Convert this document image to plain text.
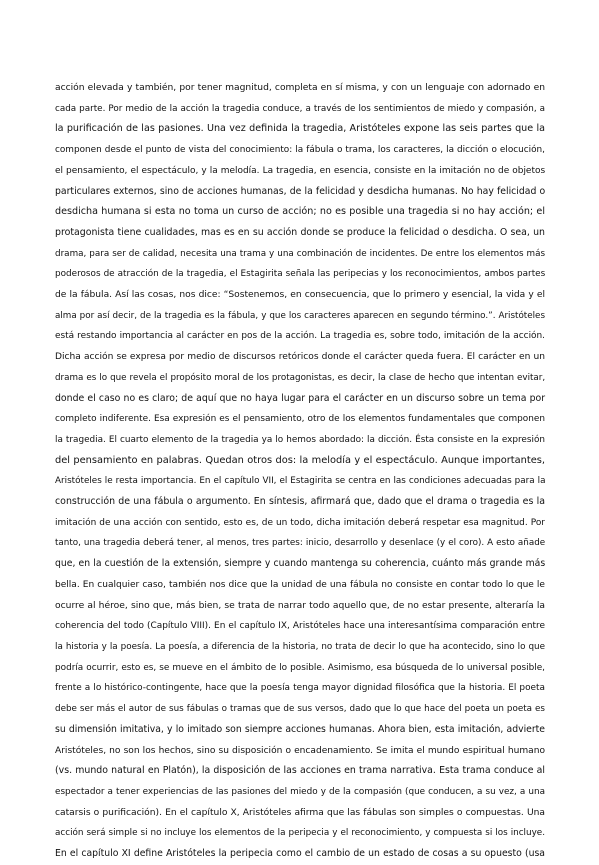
acción elevada y también, por tener magnitud, completa en sí misma, y con un lenguaje con adornado en
cada parte. Por medio de la acción la tragedia conduce, a través de los sentimientos de miedo y compasión, a
la purificación de las pasiones. Una vez definida la tragedia, Aristóteles expone las seis partes que la
componen desde el punto de vista del conocimiento: la fábula o trama, los caracteres, la dicción o elocución,
el pensamiento, el espectáculo, y la melodía. La tragedia, en esencia, consiste en la imitación no de objetos
particulares externos, sino de acciones humanas, de la felicidad y desdicha humanas. No hay felicidad o
desdicha humana si esta no toma un curso de acción; no es posible una tragedia si no hay acción; el
protagonista tiene cualidades, mas es en su acción donde se produce la felicidad o desdicha. O sea, un
drama, para ser de calidad, necesita una trama y una combinación de incidentes. De entre los elementos más
poderosos de atracción de la tragedia, el Estagirita señala las peripecias y los reconocimientos, ambos partes
de la fábula. Así las cosas, nos dice: “Sostenemos, en consecuencia, que lo primero y esencial, la vida y el
alma por así decir, de la tragedia es la fábula, y que los caracteres aparecen en segundo término.”. Aristóteles
está restando importancia al carácter en pos de la acción. La tragedia es, sobre todo, imitación de la acción.
Dicha acción se expresa por medio de discursos retóricos donde el carácter queda fuera. El carácter en un
drama es lo que revela el propósito moral de los protagonistas, es decir, la clase de hecho que intentan evitar,
donde el caso no es claro; de aquí que no haya lugar para el carácter en un discurso sobre un tema por
completo indiferente. Esa expresión es el pensamiento, otro de los elementos fundamentales que componen
la tragedia. El cuarto elemento de la tragedia ya lo hemos abordado: la dicción. Ésta consiste en la expresión
del pensamiento en palabras. Quedan otros dos: la melodía y el espectáculo. Aunque importantes,
Aristóteles le resta importancia. En el capítulo VII, el Estagirita se centra en las condiciones adecuadas para la
construcción de una fábula o argumento. En síntesis, afirmará que, dado que el drama o tragedia es la
imitación de una acción con sentido, esto es, de un todo, dicha imitación deberá respetar esa magnitud. Por
tanto, una tragedia deberá tener, al menos, tres partes: inicio, desarrollo y desenlace (y el coro). A esto añade
que, en la cuestión de la extensión, siempre y cuando mantenga su coherencia, cuánto más grande más
bella. En cualquier caso, también nos dice que la unidad de una fábula no consiste en contar todo lo que le
ocurre al héroe, sino que, más bien, se trata de narrar todo aquello que, de no estar presente, alteraría la
coherencia del todo (Capítulo VIII). En el capítulo IX, Aristóteles hace una interesantísima comparación entre
la historia y la poesía. La poesía, a diferencia de la historia, no trata de decir lo que ha acontecido, sino lo que
podría ocurrir, esto es, se mueve en el ámbito de lo posible. Asimismo, esa búsqueda de lo universal posible,
frente a lo histórico-contingente, hace que la poesía tenga mayor dignidad filosófica que la historia. El poeta
debe ser más el autor de sus fábulas o tramas que de sus versos, dado que lo que hace del poeta un poeta es
su dimensión imitativa, y lo imitado son siempre acciones humanas. Ahora bien, esta imitación, advierte
Aristóteles, no son los hechos, sino su disposición o encadenamiento. Se imita el mundo espiritual humano
(vs. mundo natural en Platón), la disposición de las acciones en trama narrativa. Esta trama conduce al
espectador a tener experiencias de las pasiones del miedo y de la compasión (que conducen, a su vez, a una
catarsis o purificación). En el capítulo X, Aristóteles afirma que las fábulas son simples o compuestas. Una
acción será simple si no incluye los elementos de la peripecia y el reconocimiento, y compuesta si los incluye.
En el capítulo XI define Aristóteles la peripecia como el cambio de un estado de cosas a su opuesto (usa
